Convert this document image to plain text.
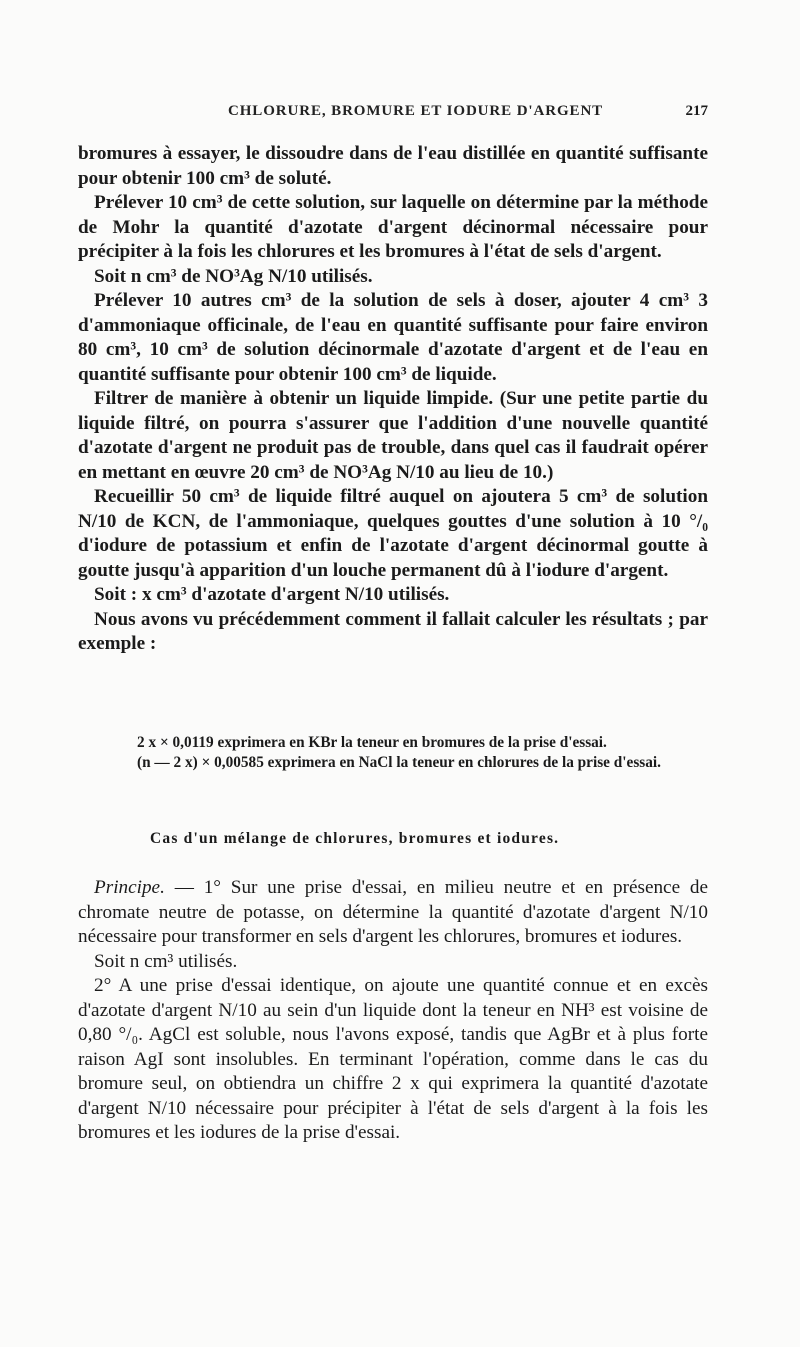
CHLORURE, BROMURE ET IODURE D'ARGENT	217

bromures à essayer, le dissoudre dans de l'eau distillée en quantité suffisante pour obtenir 100 cm³ de soluté.

Prélever 10 cm³ de cette solution, sur laquelle on détermine par la méthode de Mohr la quantité d'azotate d'argent décinormal nécessaire pour précipiter à la fois les chlorures et les bromures à l'état de sels d'argent.

Soit n cm³ de NO³Ag N/10 utilisés.

Prélever 10 autres cm³ de la solution de sels à doser, ajouter 4 cm³ 3 d'ammoniaque officinale, de l'eau en quantité suffisante pour faire environ 80 cm³, 10 cm³ de solution décinormale d'azotate d'argent et de l'eau en quantité suffisante pour obtenir 100 cm³ de liquide.

Filtrer de manière à obtenir un liquide limpide. (Sur une petite partie du liquide filtré, on pourra s'assurer que l'addition d'une nouvelle quantité d'azotate d'argent ne produit pas de trouble, dans quel cas il faudrait opérer en mettant en œuvre 20 cm³ de NO³Ag N/10 au lieu de 10.)

Recueillir 50 cm³ de liquide filtré auquel on ajoutera 5 cm³ de solution N/10 de KCN, de l'ammoniaque, quelques gouttes d'une solution à 10 °/₀ d'iodure de potassium et enfin de l'azotate d'argent décinormal goutte à goutte jusqu'à apparition d'un louche permanent dû à l'iodure d'argent.

Soit : x cm³ d'azotate d'argent N/10 utilisés.

Nous avons vu précédemment comment il fallait calculer les résultats ; par exemple :

2 x × 0,0119 exprimera en KBr la teneur en bromures de la prise d'essai.

(n — 2 x) × 0,00585 exprimera en NaCl la teneur en chlorures de la prise d'essai.

Cas d'un mélange de chlorures, bromures et iodures.

Principe. — 1° Sur une prise d'essai, en milieu neutre et en présence de chromate neutre de potasse, on détermine la quantité d'azotate d'argent N/10 nécessaire pour transformer en sels d'argent les chlorures, bromures et iodures.

Soit n cm³ utilisés.

2° A une prise d'essai identique, on ajoute une quantité connue et en excès d'azotate d'argent N/10 au sein d'un liquide dont la teneur en NH³ est voisine de 0,80 °/₀. AgCl est soluble, nous l'avons exposé, tandis que AgBr et à plus forte raison AgI sont insolubles. En terminant l'opération, comme dans le cas du bromure seul, on obtiendra un chiffre 2 x qui exprimera la quantité d'azotate d'argent N/10 nécessaire pour précipiter à l'état de sels d'argent à la fois les bromures et les iodures de la prise d'essai.
